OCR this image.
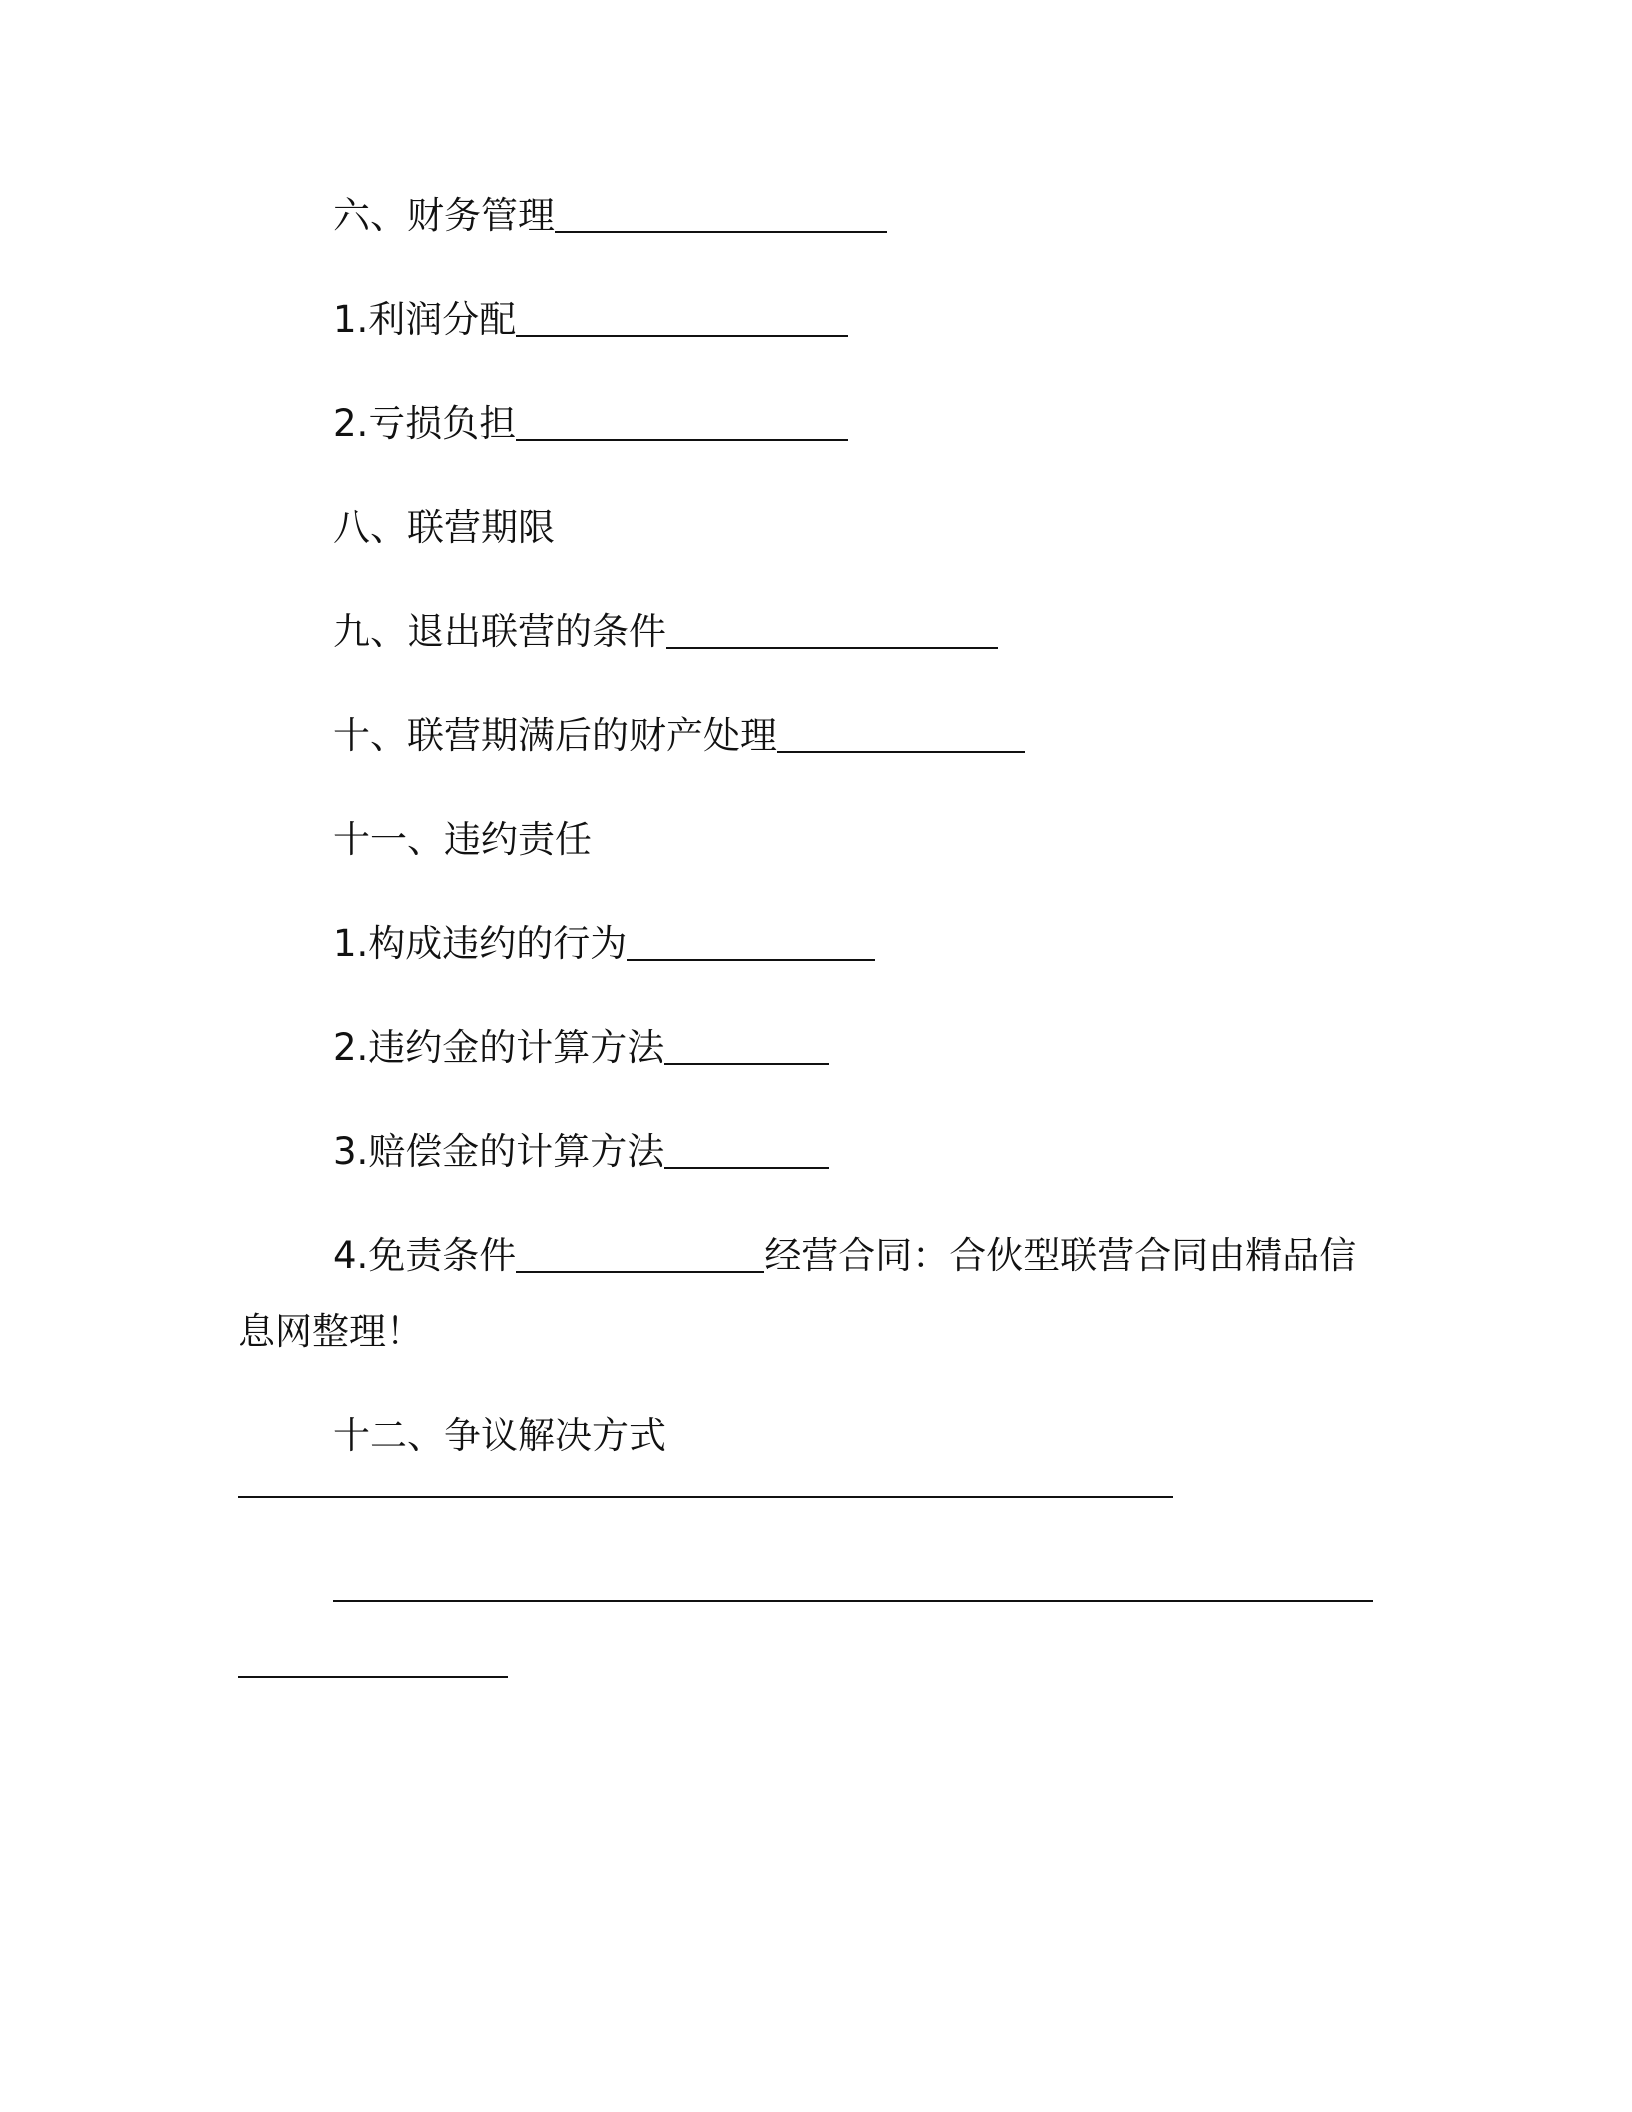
六、财务管理
1.利润分配
2.亏损负担
八、联营期限
九、退出联营的条件
十、联营期满后的财产处理
十一、违约责任
1.构成违约的行为
2.违约金的计算方法
3.赔偿金的计算方法
4.免责条件	经营合同：合伙型联营合同由精品信
息网整理！
十二、争议解决方式
